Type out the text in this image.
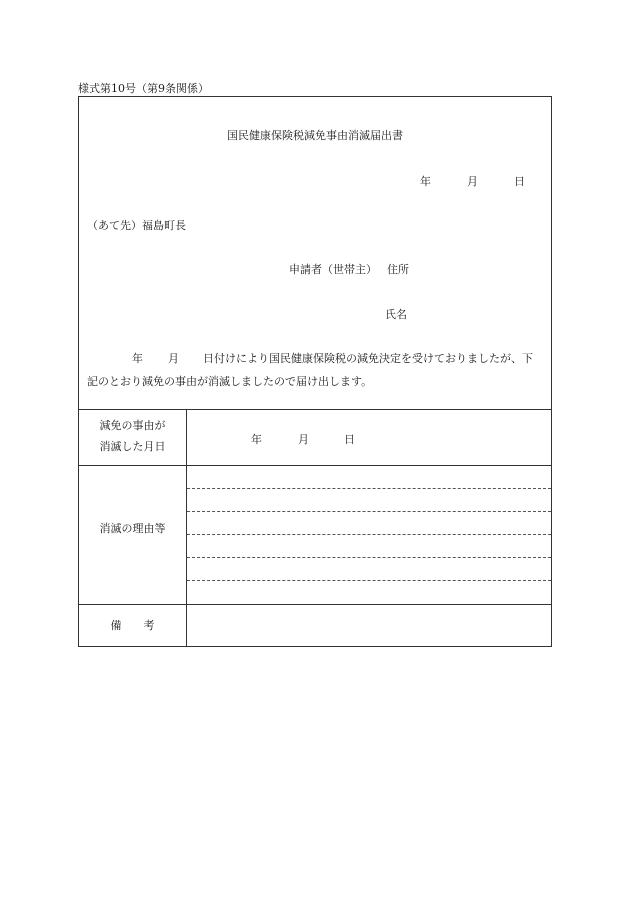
様式第10号（第9条関係）
国民健康保険税減免事由消滅届出書
年	月	日
（あて先）福島町長
申請者（世帯主） 住所
氏名
年 月 日付けにより国民健康保険税の減免決定を受けておりましたが、下
記のとおり減免の事由が消滅しましたので届け出します。
減免の事由が
消滅した月日
年	月	日
消滅の理由等
備　　考
